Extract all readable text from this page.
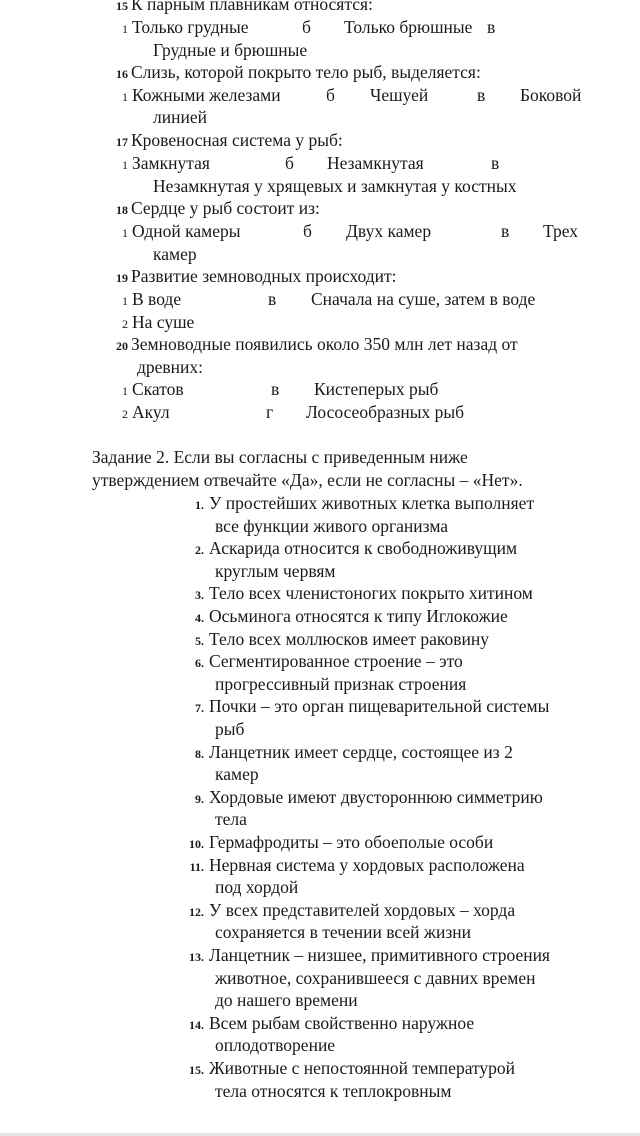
15 К парным плавникам относятся:
1 Только грудные	б Только брюшные в
Грудные и брюшные
16 Слизь, которой покрыто тело рыб, выделяется:
1 Кожными железами	б Чешуей	в Боковой
линией
17 Кровеносная система у рыб:
1 Замкнутая	б Незамкнутая	в
Незамкнутая у хрящевых и замкнутая у костных
18 Сердце у рыб состоит из:
1 Одной камеры	б Двух камер	в Трех
камер
19 Развитие земноводных происходит:
1 В воде	в Сначала на суше, затем в воде
2 На суше
20 Земноводные появились около 350 млн лет назад от
древних:
1 Скатов	в Кистеперых рыб
2 Акул	г Лососеобразных рыб
Задание 2. Если вы согласны с приведенным ниже
утверждением отвечайте «Да», если не согласны – «Нет».
1. У простейших животных клетка выполняет
все функции живого организма
2. Аскарида относится к свободноживущим
круглым червям
3. Тело всех членистоногих покрыто хитином
4. Осьминога относятся к типу Иглокожие
5. Тело всех моллюсков имеет раковину
6. Сегментированное строение – это
прогрессивный признак строения
7. Почки – это орган пищеварительной системы
рыб
8. Ланцетник имеет сердце, состоящее из 2
камер
9. Хордовые имеют двустороннюю симметрию
тела
10. Гермафродиты – это обоеполые особи
11. Нервная система у хордовых расположена
под хордой
12. У всех представителей хордовых – хорда
сохраняется в течении всей жизни
13. Ланцетник – низшее, примитивного строения
животное, сохранившееся с давних времен
до нашего времени
14. Всем рыбам свойственно наружное
оплодотворение
15. Животные с непостоянной температурой
тела относятся к теплокровным
